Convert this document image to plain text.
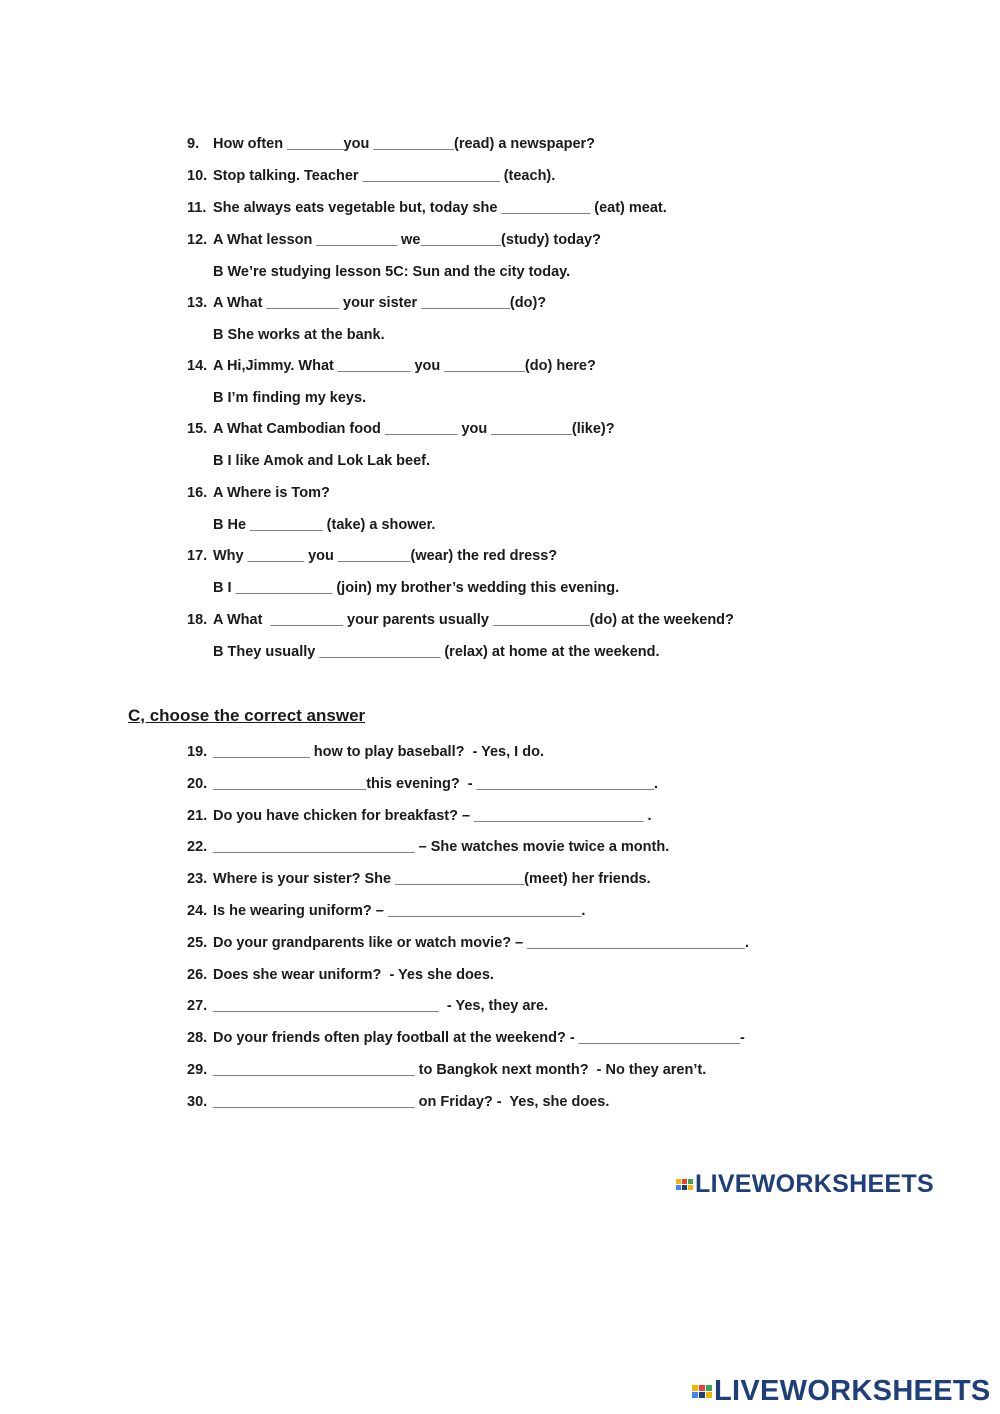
9. How often _______you __________(read) a newspaper?
10. Stop talking. Teacher _________________ (teach).
11. She always eats vegetable but, today she ___________ (eat) meat.
12. A What lesson __________ we__________(study) today?
B We’re studying lesson 5C: Sun and the city today.
13. A What _________ your sister ___________(do)?
B She works at the bank.
14. A Hi,Jimmy. What _________ you __________(do) here?
B I’m finding my keys.
15. A What Cambodian food _________ you __________(like)?
B I like Amok and Lok Lak beef.
16. A Where is Tom?
B He _________ (take) a shower.
17. Why _______ you _________(wear) the red dress?
B I ____________ (join) my brother’s wedding this evening.
18. A What  _________ your parents usually ____________(do) at the weekend?
B They usually _______________ (relax) at home at the weekend.
C, choose the correct answer
19. ____________ how to play baseball?  - Yes, I do.
20. ___________________this evening?  - ______________________.
21. Do you have chicken for breakfast? – _____________________ .
22. _________________________ – She watches movie twice a month.
23. Where is your sister? She ________________(meet) her friends.
24. Is he wearing uniform? – ________________________.
25. Do your grandparents like or watch movie? – ___________________________.
26. Does she wear uniform?  - Yes she does.
27. ____________________________  - Yes, they are.
28. Do your friends often play football at the weekend? - ____________________-
29. _________________________ to Bangkok next month?  - No they aren’t.
30. _________________________ on Friday? -  Yes, she does.
LIVEWORKSHEETS
LIVEWORKSHEETS
